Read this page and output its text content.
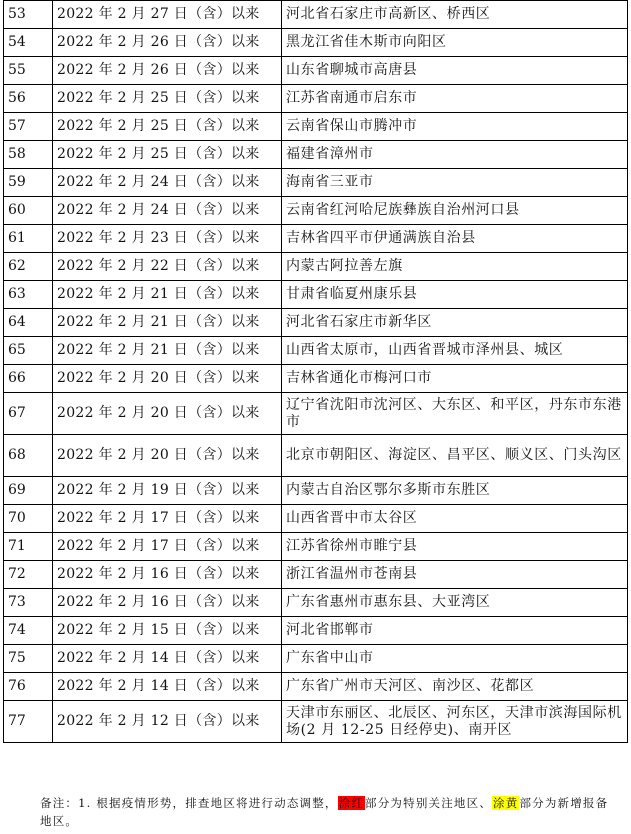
53	2022 年 2 月 27 日（含）以来	河北省石家庄市高新区、桥西区
54	2022 年 2 月 26 日（含）以来	黑龙江省佳木斯市向阳区
55	2022 年 2 月 26 日（含）以来	山东省聊城市高唐县
56	2022 年 2 月 25 日（含）以来	江苏省南通市启东市
57	2022 年 2 月 25 日（含）以来	云南省保山市腾冲市
58	2022 年 2 月 25 日（含）以来	福建省漳州市
59	2022 年 2 月 24 日（含）以来	海南省三亚市
60	2022 年 2 月 24 日（含）以来	云南省红河哈尼族彝族自治州河口县
61	2022 年 2 月 23 日（含）以来	吉林省四平市伊通满族自治县
62	2022 年 2 月 22 日（含）以来	内蒙古阿拉善左旗
63	2022 年 2 月 21 日（含）以来	甘肃省临夏州康乐县
64	2022 年 2 月 21 日（含）以来	河北省石家庄市新华区
65	2022 年 2 月 21 日（含）以来	山西省太原市，山西省晋城市泽州县、城区
66	2022 年 2 月 20 日（含）以来	吉林省通化市梅河口市
67	2022 年 2 月 20 日（含）以来	辽宁省沈阳市沈河区、大东区、和平区，丹东市东港市
68	2022 年 2 月 20 日（含）以来	北京市朝阳区、海淀区、昌平区、顺义区、门头沟区
69	2022 年 2 月 19 日（含）以来	内蒙古自治区鄂尔多斯市东胜区
70	2022 年 2 月 17 日（含）以来	山西省晋中市太谷区
71	2022 年 2 月 17 日（含）以来	江苏省徐州市睢宁县
72	2022 年 2 月 16 日（含）以来	浙江省温州市苍南县
73	2022 年 2 月 16 日（含）以来	广东省惠州市惠东县、大亚湾区
74	2022 年 2 月 15 日（含）以来	河北省邯郸市
75	2022 年 2 月 14 日（含）以来	广东省中山市
76	2022 年 2 月 14 日（含）以来	广东省广州市天河区、南沙区、花都区
77	2022 年 2 月 12 日（含）以来	天津市东丽区、北辰区、河东区，天津市滨海国际机场(2 月 12-25 日经停史)、南开区
备注：1. 根据疫情形势，排查地区将进行动态调整，涂红部分为特别关注地区、涂黄部分为新增报备地区。
